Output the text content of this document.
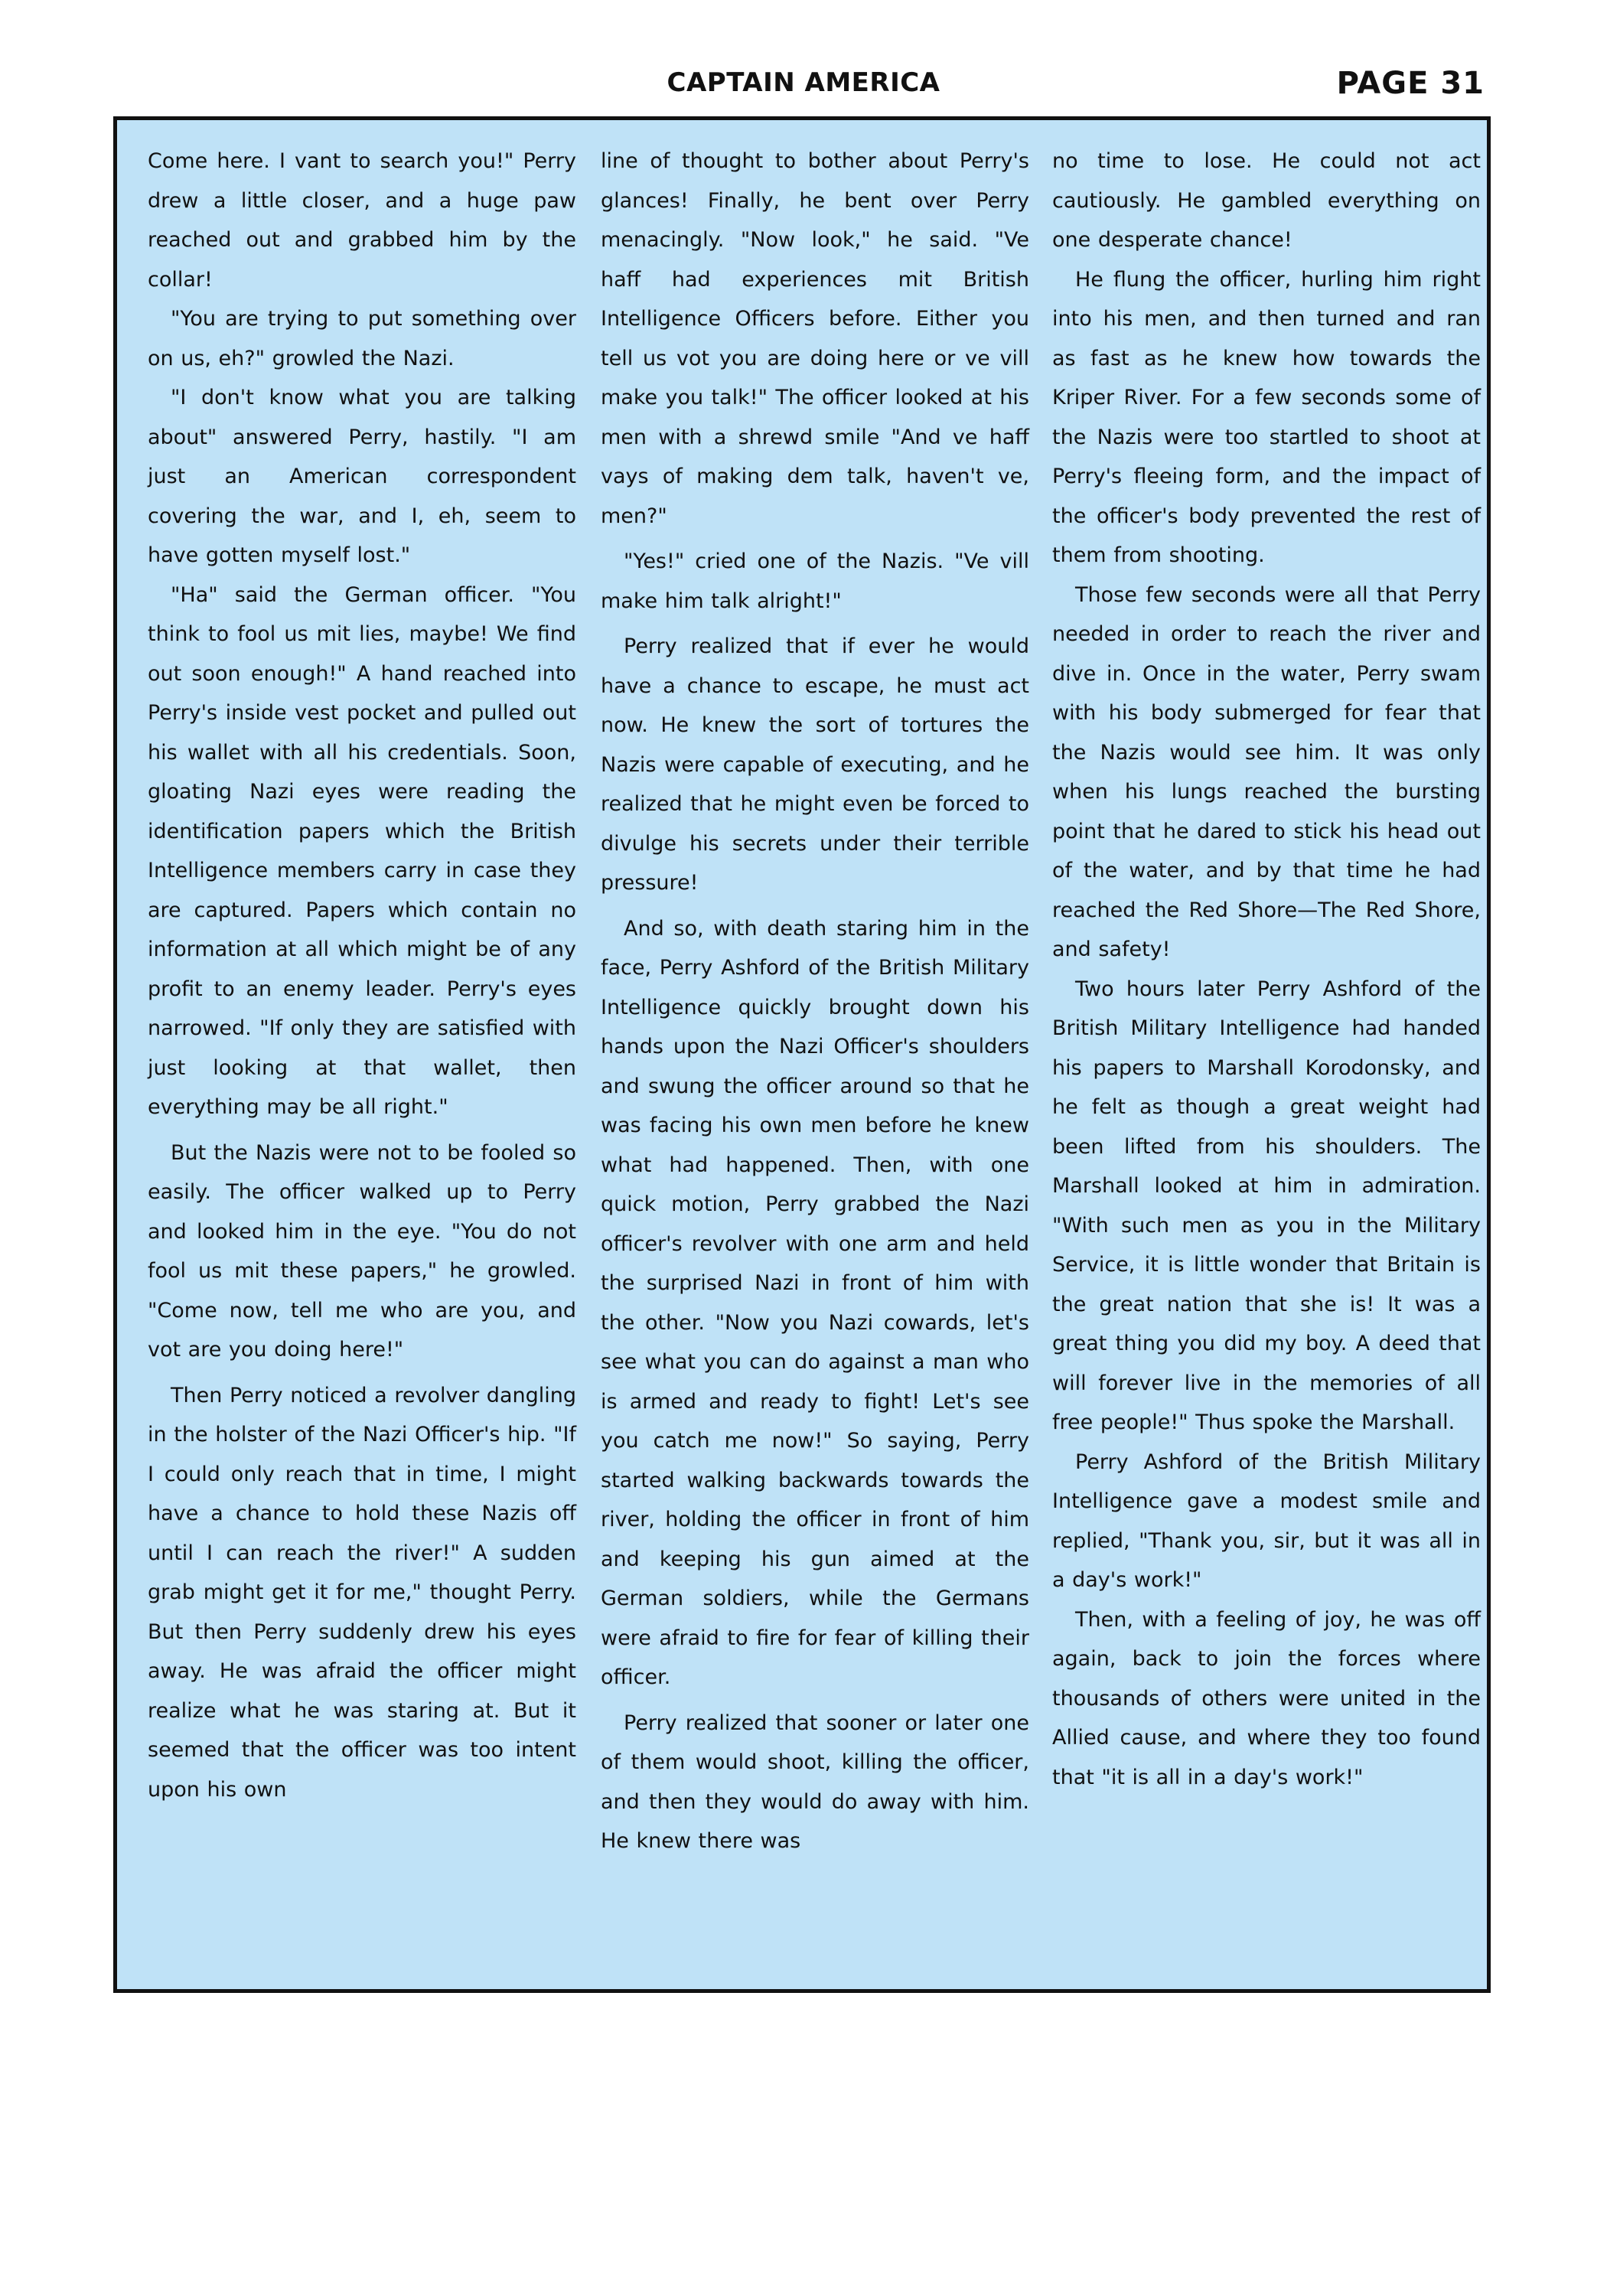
CAPTAIN AMERICA	PAGE 31

Come here. I vant to search you!" Perry drew a little closer, and a huge paw reached out and grabbed him by the collar!

"You are trying to put something over on us, eh?" growled the Nazi.

"I don't know what you are talking about" answered Perry, hastily. "I am just an American correspondent covering the war, and I, eh, seem to have gotten myself lost."

"Ha" said the German officer. "You think to fool us mit lies, maybe! We find out soon enough!" A hand reached into Perry's inside vest pocket and pulled out his wallet with all his credentials. Soon, gloating Nazi eyes were reading the identification papers which the British Intelligence members carry in case they are captured. Papers which contain no information at all which might be of any profit to an enemy leader. Perry's eyes narrowed. "If only they are satisfied with just looking at that wallet, then everything may be all right."

But the Nazis were not to be fooled so easily. The officer walked up to Perry and looked him in the eye. "You do not fool us mit these papers," he growled. "Come now, tell me who are you, and vot are you doing here!"

Then Perry noticed a revolver dangling in the holster of the Nazi Officer's hip. "If I could only reach that in time, I might have a chance to hold these Nazis off until I can reach the river!" A sudden grab might get it for me," thought Perry. But then Perry suddenly drew his eyes away. He was afraid the officer might realize what he was staring at. But it seemed that the officer was too intent upon his own

line of thought to bother about Perry's glances! Finally, he bent over Perry menacingly. "Now look," he said. "Ve haff had experiences mit British Intelligence Officers before. Either you tell us vot you are doing here or ve vill make you talk!" The officer looked at his men with a shrewd smile "And ve haff vays of making dem talk, haven't ve, men?"

"Yes!" cried one of the Nazis. "Ve vill make him talk alright!"

Perry realized that if ever he would have a chance to escape, he must act now. He knew the sort of tortures the Nazis were capable of executing, and he realized that he might even be forced to divulge his secrets under their terrible pressure!

And so, with death staring him in the face, Perry Ashford of the British Military Intelligence quickly brought down his hands upon the Nazi Officer's shoulders and swung the officer around so that he was facing his own men before he knew what had happened. Then, with one quick motion, Perry grabbed the Nazi officer's revolver with one arm and held the surprised Nazi in front of him with the other. "Now you Nazi cowards, let's see what you can do against a man who is armed and ready to fight! Let's see you catch me now!" So saying, Perry started walking backwards towards the river, holding the officer in front of him and keeping his gun aimed at the German soldiers, while the Germans were afraid to fire for fear of killing their officer.

Perry realized that sooner or later one of them would shoot, killing the officer, and then they would do away with him. He knew there was

no time to lose. He could not act cautiously. He gambled everything on one desperate chance!

He flung the officer, hurling him right into his men, and then turned and ran as fast as he knew how towards the Kriper River. For a few seconds some of the Nazis were too startled to shoot at Perry's fleeing form, and the impact of the officer's body prevented the rest of them from shooting.

Those few seconds were all that Perry needed in order to reach the river and dive in. Once in the water, Perry swam with his body submerged for fear that the Nazis would see him. It was only when his lungs reached the bursting point that he dared to stick his head out of the water, and by that time he had reached the Red Shore—The Red Shore, and safety!

Two hours later Perry Ashford of the British Military Intelligence had handed his papers to Marshall Korodonsky, and he felt as though a great weight had been lifted from his shoulders. The Marshall looked at him in admiration. "With such men as you in the Military Service, it is little wonder that Britain is the great nation that she is! It was a great thing you did my boy. A deed that will forever live in the memories of all free people!" Thus spoke the Marshall.

Perry Ashford of the British Military Intelligence gave a modest smile and replied, "Thank you, sir, but it was all in a day's work!"

Then, with a feeling of joy, he was off again, back to join the forces where thousands of others were united in the Allied cause, and where they too found that "it is all in a day's work!"
